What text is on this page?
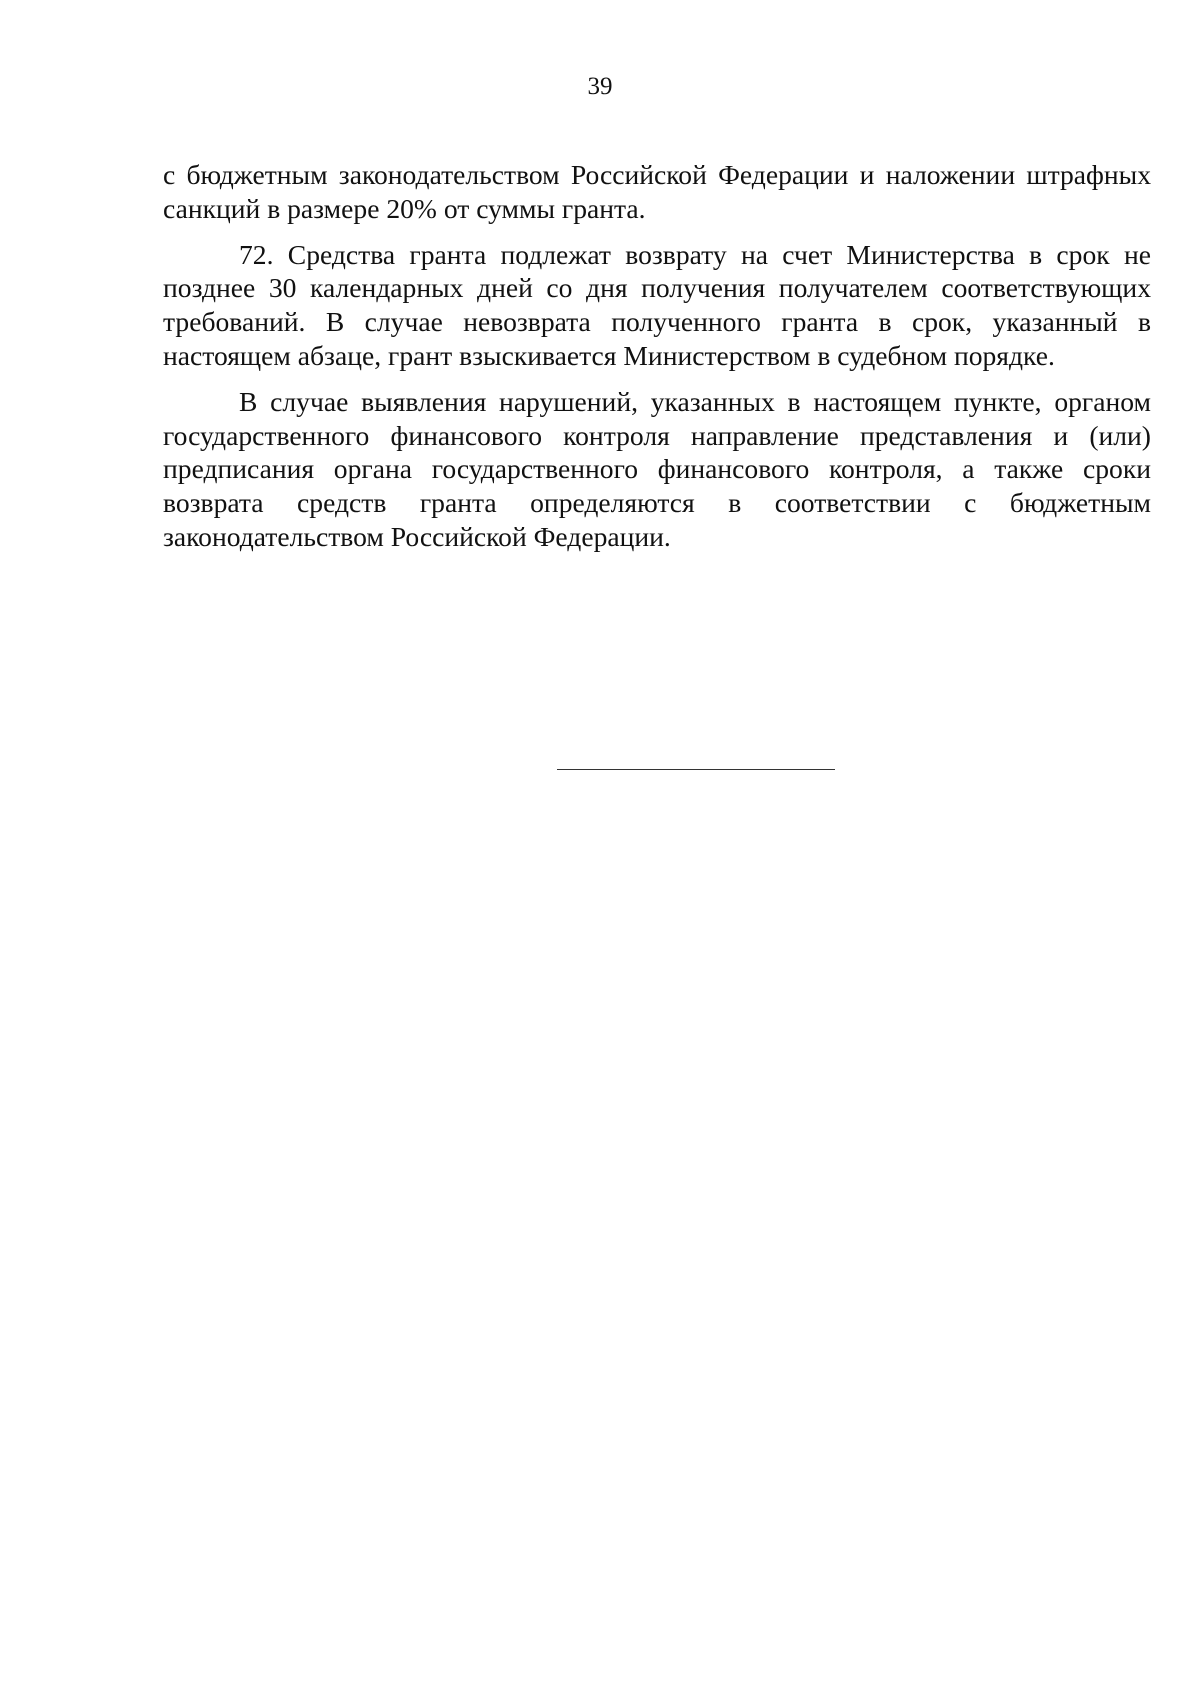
39

с бюджетным законодательством Российской Федерации и наложении штрафных санкций в размере 20% от суммы гранта.

72. Средства гранта подлежат возврату на счет Министерства в срок не позднее 30 календарных дней со дня получения получателем соответствующих требований. В случае невозврата полученного гранта в срок, указанный в настоящем абзаце, грант взыскивается Министерством в судебном порядке.

В случае выявления нарушений, указанных в настоящем пункте, органом государственного финансового контроля направление представления и (или) предписания органа государственного финансового контроля, а также сроки возврата средств гранта определяются в соответствии с бюджетным законодательством Российской Федерации.
